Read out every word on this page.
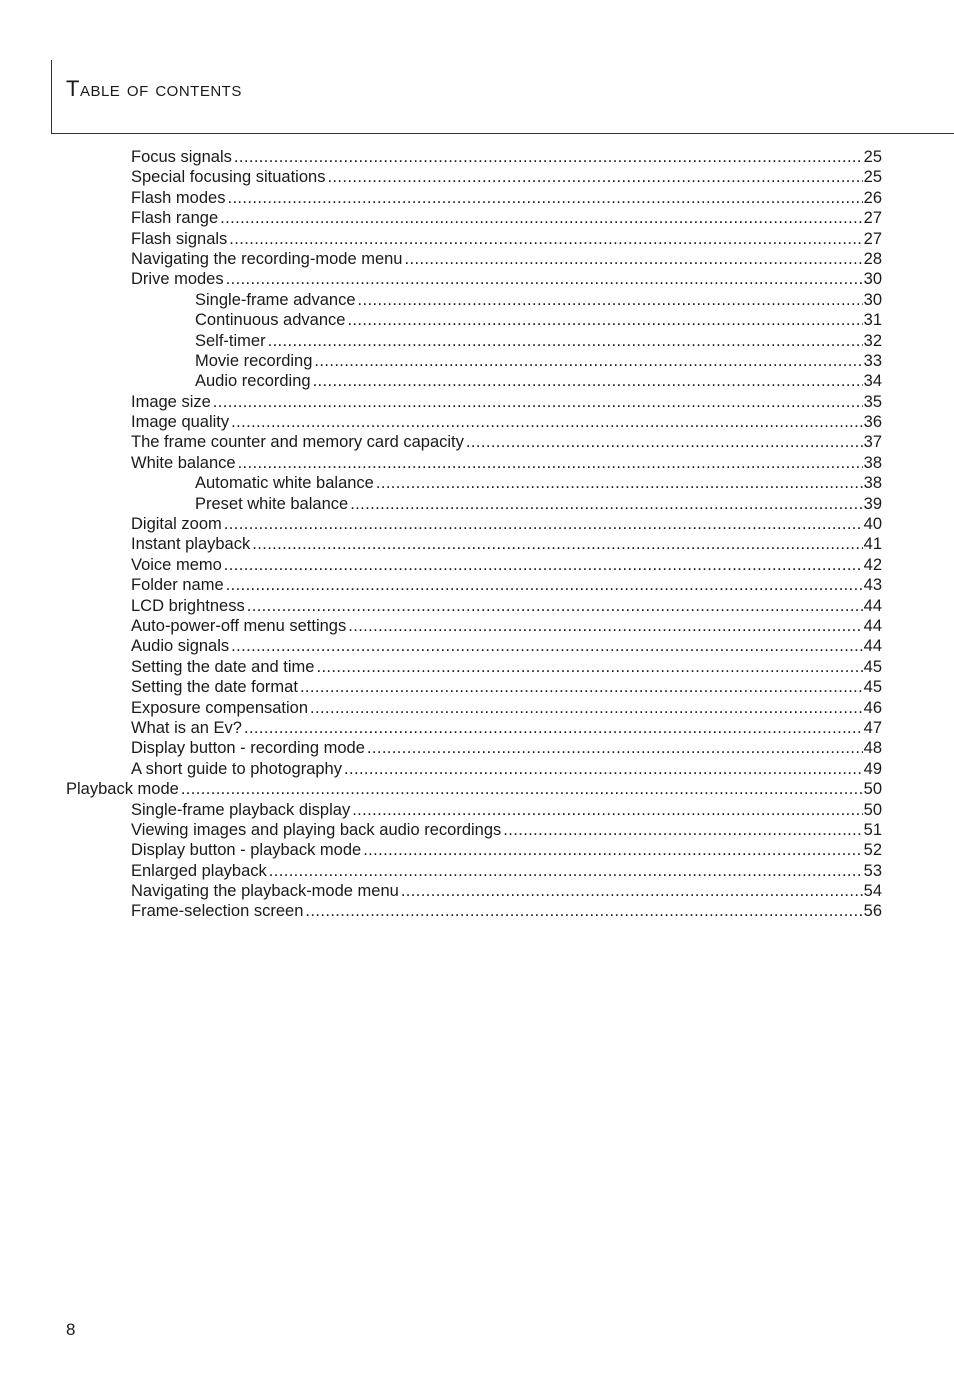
Table of contents
Focus signals .....	25
Special focusing situations .....	25
Flash modes .....	26
Flash range .....	27
Flash signals .....	27
Navigating the recording-mode menu .....	28
Drive modes .....	30
Single-frame advance .....	30
Continuous advance .....	31
Self-timer .....	32
Movie recording .....	33
Audio recording .....	34
Image size .....	35
Image quality .....	36
The frame counter and memory card capacity .....	37
White balance .....	38
Automatic white balance .....	38
Preset white balance .....	39
Digital zoom .....	40
Instant playback .....	41
Voice memo .....	42
Folder name .....	43
LCD brightness .....	44
Auto-power-off menu settings .....	44
Audio signals .....	44
Setting the date and time .....	45
Setting the date format .....	45
Exposure compensation .....	46
What is an Ev? .....	47
Display button - recording mode .....	48
A short guide to photography .....	49
Playback mode .....	50
Single-frame playback display .....	50
Viewing images and playing back audio recordings .....	51
Display button - playback mode .....	52
Enlarged playback .....	53
Navigating the playback-mode menu .....	54
Frame-selection screen .....	56
8
